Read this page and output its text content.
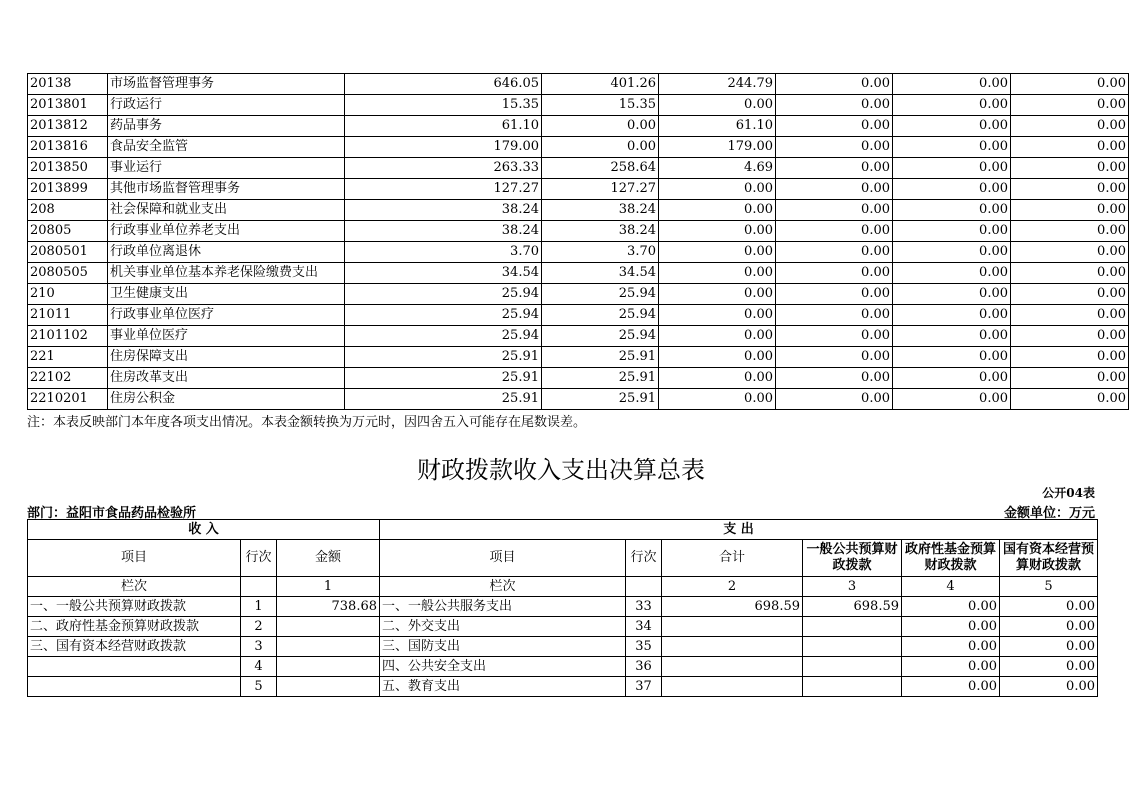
20138	市场监督管理事务	646.05	401.26	244.79	0.00	0.00	0.00
2013801	行政运行	15.35	15.35	0.00	0.00	0.00	0.00
2013812	药品事务	61.10	0.00	61.10	0.00	0.00	0.00
2013816	食品安全监管	179.00	0.00	179.00	0.00	0.00	0.00
2013850	事业运行	263.33	258.64	4.69	0.00	0.00	0.00
2013899	其他市场监督管理事务	127.27	127.27	0.00	0.00	0.00	0.00
208	社会保障和就业支出	38.24	38.24	0.00	0.00	0.00	0.00
20805	行政事业单位养老支出	38.24	38.24	0.00	0.00	0.00	0.00
2080501	行政单位离退休	3.70	3.70	0.00	0.00	0.00	0.00
2080505	机关事业单位基本养老保险缴费支出	34.54	34.54	0.00	0.00	0.00	0.00
210	卫生健康支出	25.94	25.94	0.00	0.00	0.00	0.00
21011	行政事业单位医疗	25.94	25.94	0.00	0.00	0.00	0.00
2101102	事业单位医疗	25.94	25.94	0.00	0.00	0.00	0.00
221	住房保障支出	25.91	25.91	0.00	0.00	0.00	0.00
22102	住房改革支出	25.91	25.91	0.00	0.00	0.00	0.00
2210201	住房公积金	25.91	25.91	0.00	0.00	0.00	0.00
注：本表反映部门本年度各项支出情况。本表金额转换为万元时，因四舍五入可能存在尾数误差。
财政拨款收入支出决算总表
公开04表
部门：益阳市食品药品检验所	金额单位：万元
收 入			支 出					
项目	行次	金额	项目	行次	合计	一般公共预算财政拨款	政府性基金预算财政拨款	国有资本经营预算财政拨款
栏次		1	栏次		2	3	4	5
一、一般公共预算财政拨款	1	738.68	一、一般公共服务支出	33	698.59	698.59	0.00	0.00
二、政府性基金预算财政拨款	2		二、外交支出	34			0.00	0.00
三、国有资本经营财政拨款	3		三、国防支出	35			0.00	0.00
	4		四、公共安全支出	36			0.00	0.00
	5		五、教育支出	37			0.00	0.00
